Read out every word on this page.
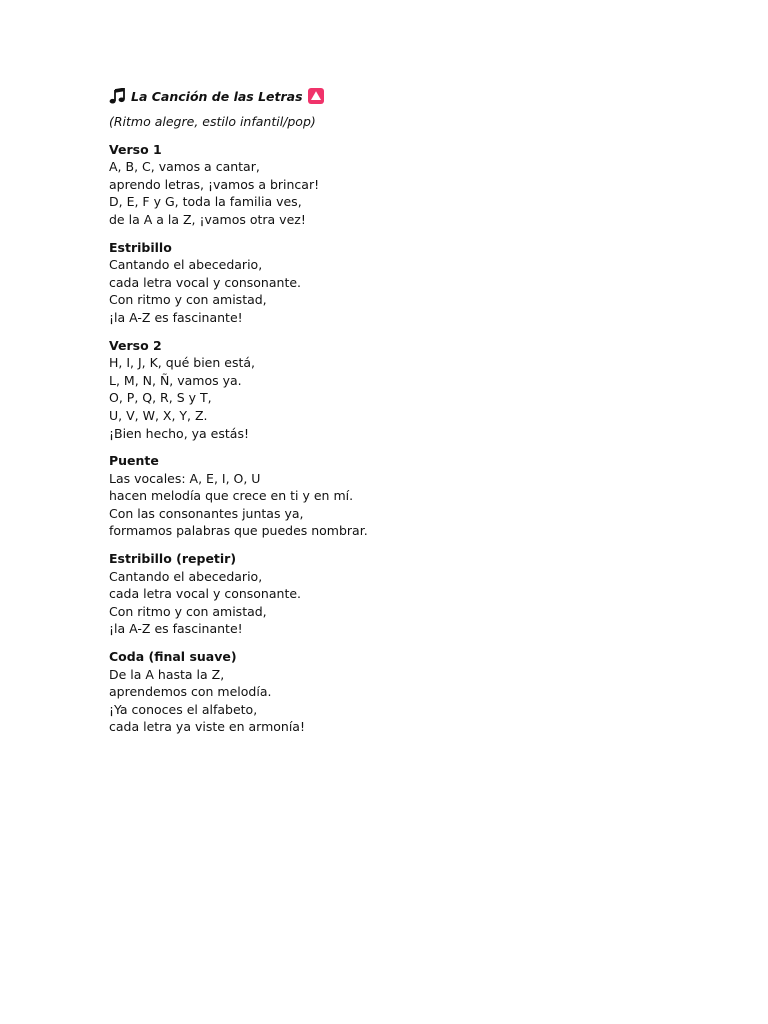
La Canción de las Letras
(Ritmo alegre, estilo infantil/pop)
Verso 1
A, B, C, vamos a cantar,
aprendo letras, ¡vamos a brincar!
D, E, F y G, toda la familia ves,
de la A a la Z, ¡vamos otra vez!
Estribillo
Cantando el abecedario,
cada letra vocal y consonante.
Con ritmo y con amistad,
¡la A-Z es fascinante!
Verso 2
H, I, J, K, qué bien está,
L, M, N, Ñ, vamos ya.
O, P, Q, R, S y T,
U, V, W, X, Y, Z.
¡Bien hecho, ya estás!
Puente
Las vocales: A, E, I, O, U
hacen melodía que crece en ti y en mí.
Con las consonantes juntas ya,
formamos palabras que puedes nombrar.
Estribillo (repetir)
Cantando el abecedario,
cada letra vocal y consonante.
Con ritmo y con amistad,
¡la A-Z es fascinante!
Coda (final suave)
De la A hasta la Z,
aprendemos con melodía.
¡Ya conoces el alfabeto,
cada letra ya viste en armonía!
